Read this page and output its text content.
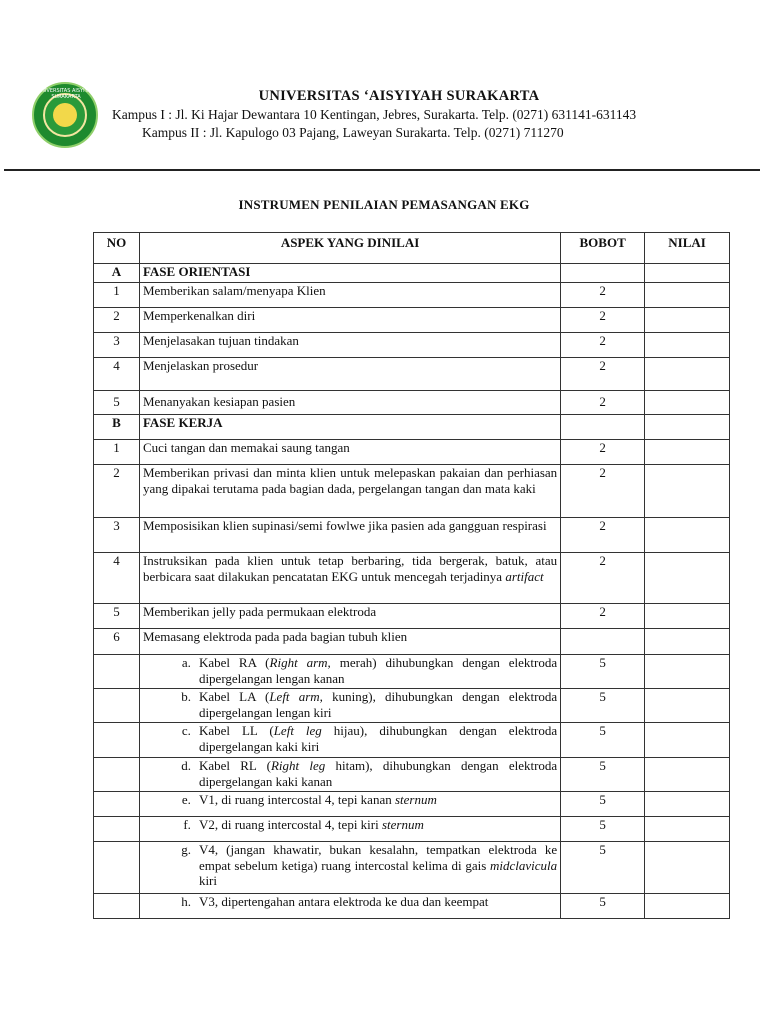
UNIVERSITAS AISYIYAH SURAKARTA	UNIVERSITAS ‘AISYIYAH SURAKARTA
Kampus I : Jl. Ki Hajar Dewantara 10 Kentingan, Jebres, Surakarta. Telp. (0271) 631141-631143
Kampus II : Jl. Kapulogo 03 Pajang, Laweyan Surakarta. Telp. (0271) 711270
INSTRUMEN PENILAIAN PEMASANGAN EKG
NO	ASPEK YANG DINILAI	BOBOT	NILAI
A	FASE ORIENTASI		
1	Memberikan salam/menyapa Klien	2	
2	Memperkenalkan diri	2	
3	Menjelasakan tujuan tindakan	2	
4	Menjelaskan prosedur	2	
5	Menanyakan kesiapan pasien	2	
B	FASE KERJA		
1	Cuci tangan dan memakai saung tangan	2	
2	Memberikan privasi dan minta klien untuk melepaskan pakaian dan perhiasan yang dipakai terutama pada bagian dada, pergelangan tangan dan mata kaki	2	
3	Memposisikan klien supinasi/semi fowlwe jika pasien ada gangguan respirasi	2	
4	Instruksikan pada klien untuk tetap berbaring, tida bergerak, batuk, atau berbicara saat dilakukan pencatatan EKG untuk mencegah terjadinya artifact	2	
5	Memberikan jelly pada permukaan elektroda	2	
6	Memasang elektroda pada pada bagian tubuh klien		

	a. Kabel RA (Right arm, merah) dihubungkan dengan elektroda dipergelangan lengan kanan	5	

	b. Kabel LA (Left arm, kuning), dihubungkan dengan elektroda dipergelangan lengan kiri	5	

	c. Kabel LL (Left leg hijau), dihubungkan dengan elektroda dipergelangan kaki kiri	5	

	d. Kabel RL (Right leg hitam), dihubungkan dengan elektroda dipergelangan kaki kanan	5	

	e. V1, di ruang intercostal 4, tepi kanan sternum	5	

	f. V2, di ruang intercostal 4, tepi kiri sternum	5	

	g. V4, (jangan khawatir, bukan kesalahn, tempatkan elektroda ke empat sebelum ketiga) ruang intercostal kelima di gais midclavicula kiri	5	

	h. V3, dipertengahan antara elektroda ke dua dan keempat	5	
